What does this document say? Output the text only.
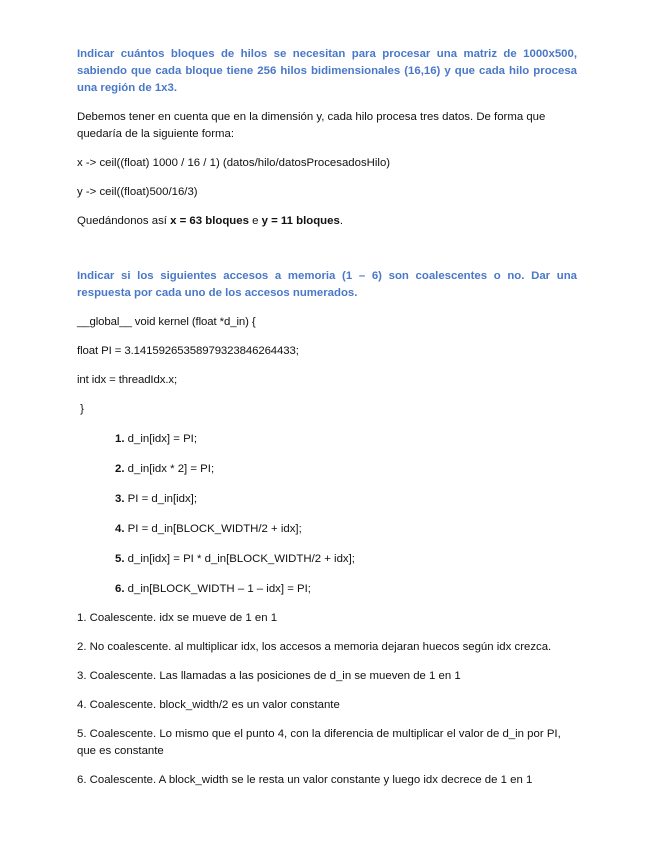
Indicar cuántos bloques de hilos se necesitan para procesar una matriz de 1000x500, sabiendo que cada bloque tiene 256 hilos bidimensionales (16,16) y que cada hilo procesa una región de 1x3.

Debemos tener en cuenta que en la dimensión y, cada hilo procesa tres datos. De forma que quedaría de la siguiente forma:

x -> ceil((float) 1000 / 16 / 1) (datos/hilo/datosProcesadosHilo)

y -> ceil((float)500/16/3)

Quedándonos así x = 63 bloques e y = 11 bloques.

Indicar si los siguientes accesos a memoria (1 – 6) son coalescentes o no. Dar una respuesta por cada uno de los accesos numerados.

__global__ void kernel (float *d_in) {

float PI = 3.14159265358979323846264433;

int idx = threadIdx.x;

}

1. d_in[idx] = PI;

2. d_in[idx * 2] = PI;

3. PI = d_in[idx];

4. PI = d_in[BLOCK_WIDTH/2 + idx];

5. d_in[idx] = PI * d_in[BLOCK_WIDTH/2 + idx];

6. d_in[BLOCK_WIDTH – 1 – idx] = PI;

1. Coalescente. idx se mueve de 1 en 1

2. No coalescente. al multiplicar idx, los accesos a memoria dejaran huecos según idx crezca.

3. Coalescente. Las llamadas a las posiciones de d_in se mueven de 1 en 1

4. Coalescente. block_width/2 es un valor constante

5. Coalescente. Lo mismo que el punto 4, con la diferencia de multiplicar el valor de d_in por PI, que es constante

6. Coalescente. A block_width se le resta un valor constante y luego idx decrece de 1 en 1
